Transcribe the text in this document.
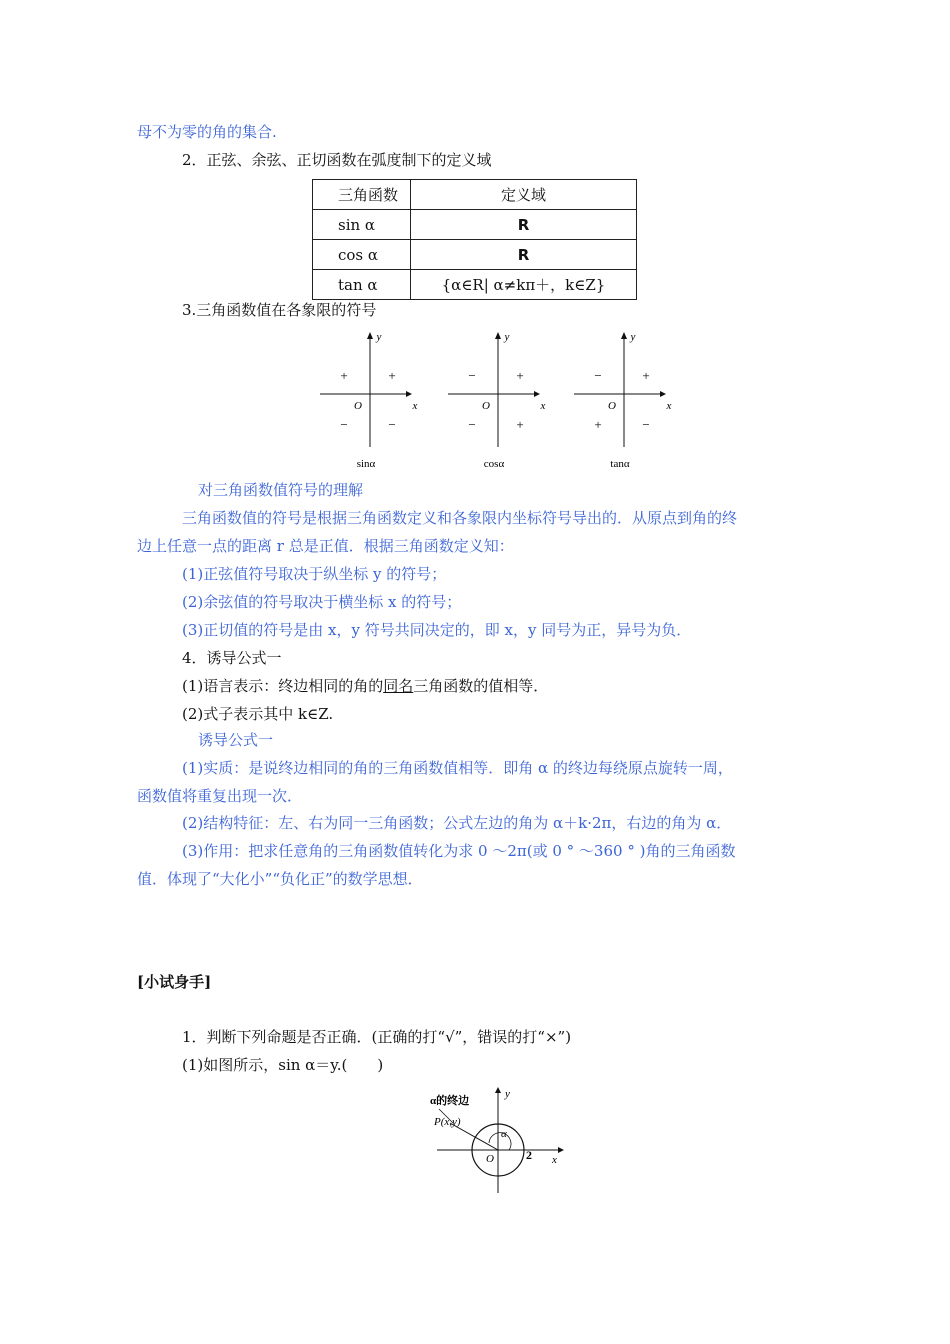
母不为零的角的集合.
2．正弦、余弦、正切函数在弧度制下的定义域
三角函数	定义域
sin α	R
cos α	R
tan α	{α∈R| α≠kπ＋，k∈Z}
3.三角函数值在各象限的符号
y
x
O
+	+
−	−
sinα
y
x
O
−	+
−	+
cosα
y
x
O
−	+
+	−
tanα
对三角函数值符号的理解
三角函数值的符号是根据三角函数定义和各象限内坐标符号导出的．从原点到角的终
边上任意一点的距离 r 总是正值．根据三角函数定义知：
(1)正弦值符号取决于纵坐标 y 的符号；
(2)余弦值的符号取决于横坐标 x 的符号；
(3)正切值的符号是由 x，y 符号共同决定的，即 x，y 同号为正，异号为负．
4．诱导公式一
(1)语言表示：终边相同的角的同名三角函数的值相等．
(2)式子表示其中 k∈Z.
诱导公式一
(1)实质：是说终边相同的角的三角函数值相等．即角 α 的终边每绕原点旋转一周，
函数值将重复出现一次．
(2)结构特征：左、右为同一三角函数；公式左边的角为 α＋k·2π，右边的角为 α．
(3)作用：把求任意角的三角函数值转化为求 0 ～2π(或 0 ° ～360 ° )角的三角函数
值．体现了“大化小”“负化正”的数学思想．
[小试身手]
1．判断下列命题是否正确．(正确的打“√”，错误的打“×”)
(1)如图所示，sin α＝y.(　　)
α的终边
P(x,y)
α
2
O	x
y
